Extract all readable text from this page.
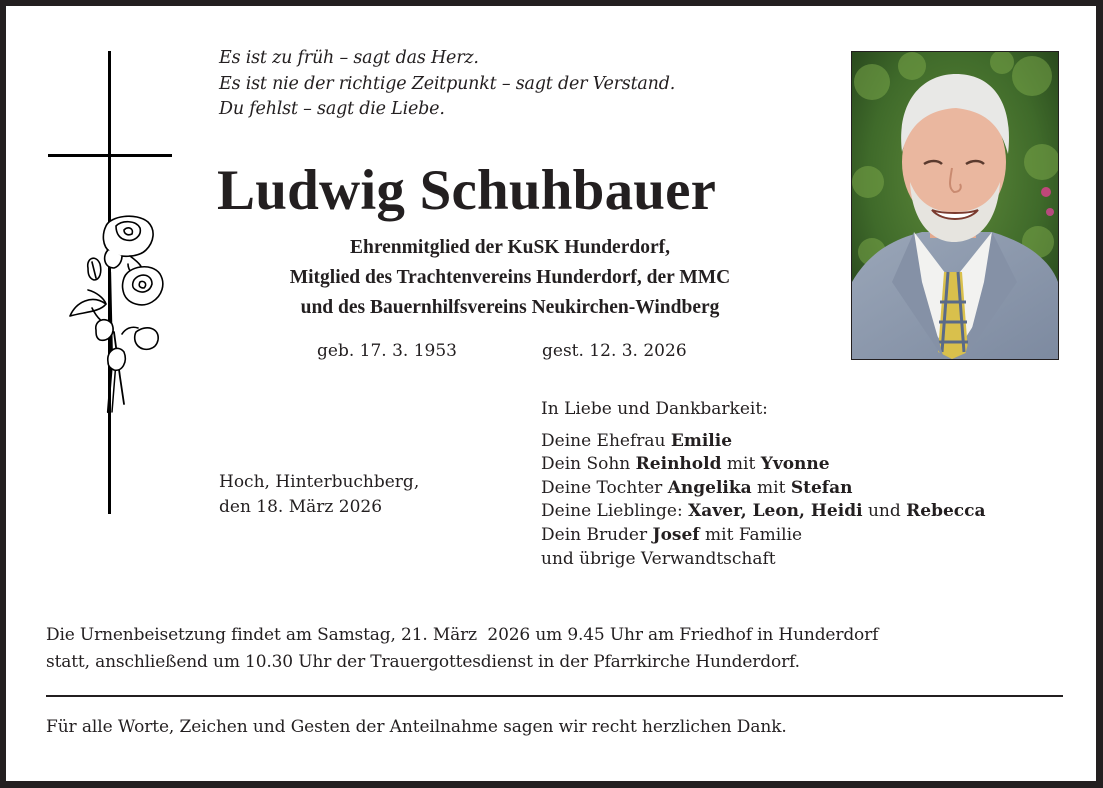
Es ist zu früh – sagt das Herz.
Es ist nie der richtige Zeitpunkt – sagt der Verstand.
Du fehlst – sagt die Liebe.
Ludwig Schuhbauer
Ehrenmitglied der KuSK Hunderdorf,
Mitglied des Trachtenvereins Hunderdorf, der MMC
und des Bauernhilfsvereins Neukirchen-Windberg
geb. 17. 3. 1953	gest. 12. 3. 2026
Hoch, Hinterbuchberg,
den 18. März 2026
In Liebe und Dankbarkeit:
Deine Ehefrau Emilie
Dein Sohn Reinhold mit Yvonne
Deine Tochter Angelika mit Stefan
Deine Lieblinge: Xaver, Leon, Heidi und Rebecca
Dein Bruder Josef mit Familie
und übrige Verwandtschaft
Die Urnenbeisetzung findet am Samstag, 21. März  2026 um 9.45 Uhr am Friedhof in Hunderdorf
statt, anschließend um 10.30 Uhr der Trauergottesdienst in der Pfarrkirche Hunderdorf.
Für alle Worte, Zeichen und Gesten der Anteilnahme sagen wir recht herzlichen Dank.
